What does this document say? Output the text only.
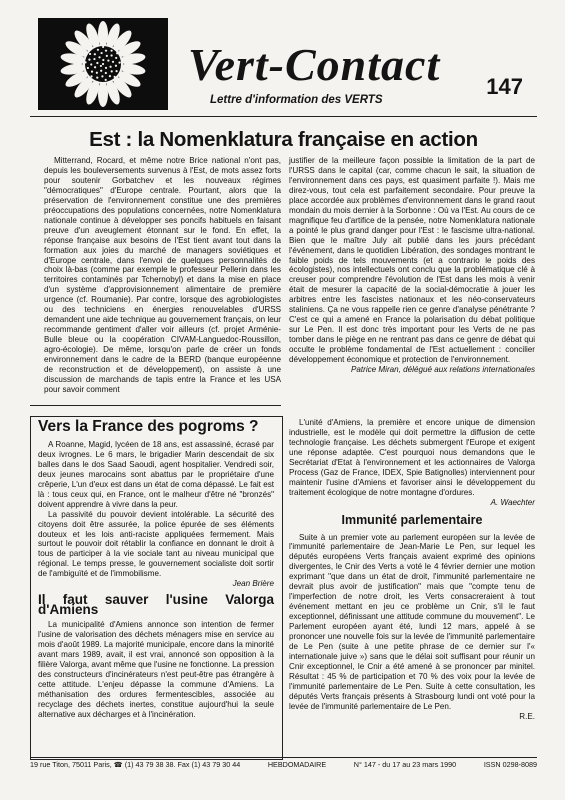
Vert-Contact 147
Lettre d'information des VERTS
Est : la Nomenklatura française en action

Mitterrand, Rocard, et même notre Brice national n'ont pas, depuis les bouleversements survenus à l'Est, de mots assez forts pour soutenir Gorbatchev et les nouveaux régimes "démocratiques" d'Europe centrale. Pourtant, alors que la préservation de l'environnement constitue une des premières préoccupations des populations concernées, notre Nomenklatura nationale continue à développer ses poncifs habituels en faisant preuve d'un aveuglement étonnant sur le fond. En effet, la réponse française aux besoins de l'Est tient avant tout dans la formation aux joies du marché de managers soviétiques et d'Europe centrale, dans l'envoi de quelques personnalités de choix là-bas (comme par exemple le professeur Pellerin dans les territoires contaminés par Tchernobyl) et dans la mise en place d'un système d'approvisionnement alimentaire de première urgence (cf. Roumanie). Par contre, lorsque des agrobiologistes ou des techniciens en énergies renouvelables d'URSS demandent une aide technique au gouvernement français, on leur recommande gentiment d'aller voir ailleurs (cf. projet Arménie-Bulle bleue ou la coopération CIVAM-Languedoc-Roussillon, agro-écologie). De même, lorsqu'on parle de créer un fonds environnement dans le cadre de la BERD (banque européenne de reconstruction et de développement), on assiste à une discussion de marchands de tapis entre la France et les USA pour savoir comment

justifier de la meilleure façon possible la limitation de la part de l'URSS dans le capital (car, comme chacun le sait, la situation de l'environnement dans ces pays, est quasiment parfaite !). Mais me direz-vous, tout cela est parfaitement secondaire. Pour preuve la place accordée aux problèmes d'environnement dans le grand raout mondain du mois dernier à la Sorbonne : Où va l'Est. Au cours de ce magnifique feu d'artifice de la pensée, notre Nomenklatura nationale a pointé le plus grand danger pour l'Est : le fascisme ultra-national. Bien que le maître July ait publié dans les jours précédant l'événement, dans le quotidien Libération, des sondages montrant le faible poids de tels mouvements (et a contrario le poids des écologistes), nos intellectuels ont conclu que la problématique clé à creuser pour comprendre l'évolution de l'Est dans les mois à venir était de mesurer la capacité de la social-démocratie à jouer les arbitres entre les fascistes nationaux et les néo-conservateurs staliniens. Ça ne vous rappelle rien ce genre d'analyse pénétrante ? C'est ce qui a amené en France la polarisation du débat politique sur Le Pen. Il est donc très important pour les Verts de ne pas tomber dans le piège en ne rentrant pas dans ce genre de débat qui occulte le problème fondamental de l'Est actuellement : concilier développement économique et protection de l'environnement.

Patrice Miran, délégué aux relations internationales
Vers la France des pogroms ?

A Roanne, Magid, lycéen de 18 ans, est assassiné, écrasé par deux ivrognes. Le 6 mars, le brigadier Marin descendait de six balles dans le dos Saad Saoudi, agent hospitalier. Vendredi soir, deux jeunes marocains sont abattus par le propriétaire d'une crêperie, L'un d'eux est dans un état de coma dépassé. Le fait est là : tous ceux qui, en France, ont le malheur d'être né "bronzés" doivent apprendre à vivre dans la peur.

La passivité du pouvoir devient intolérable. La sécurité des citoyens doit être assurée, la police épurée de ses éléments douteux et les lois anti-raciste appliquées fermement. Mais surtout le pouvoir doit rétablir la confiance en donnant le droit à tous de participer à la vie sociale tant au niveau municipal que régional. Le temps presse, le gouvernement socialiste doit sortir de l'ambiguïté et de l'immobilisme.

Jean Brière
Il faut sauver l'usine Valorga d'Amiens

La municipalité d'Amiens annonce son intention de fermer l'usine de valorisation des déchets ménagers mise en service au mois d'août 1989. La majorité municipale, encore dans la minorité avant mars 1989, avait, il est vrai, annoncé son opposition à la filière Valorga, avant même que l'usine ne fonctionne. La pression des constructeurs d'incinérateurs n'est peut-être pas étrangère à cette attitude. L'enjeu dépasse la commune d'Amiens. La méthanisation des ordures fermentescibles, associée au recyclage des déchets inertes, constitue aujourd'hui la seule alternative aux décharges et à l'incinération.

L'unité d'Amiens, la première et encore unique de dimension industrielle, est le modèle qui doit permettre la diffusion de cette technologie française. Les déchets submergent l'Europe et exigent une réponse adaptée. C'est pourquoi nous demandons que le Secrétariat d'Etat à l'environnement et les actionnaires de Valorga Process (Gaz de France, IDEX, Spie Batignolles) interviennent pour maintenir l'usine d'Amiens et favoriser ainsi le développement du traitement écologique de notre montagne d'ordures.

A. Waechter
Immunité parlementaire

Suite à un premier vote au parlement européen sur la levée de l'immunité parlementaire de Jean-Marie Le Pen, sur lequel les députés européens Verts français avaient exprimé des opinions divergentes, le Cnir des Verts a voté le 4 février dernier une motion exprimant "que dans un état de droit, l'immunité parlementaire ne devrait plus avoir de justification" mais que "compte tenu de l'imperfection de notre droit, les Verts consacreraient à tout événement mettant en jeu ce problème un Cnir, s'il le faut exceptionnel, définissant une attitude commune du mouvement". Le Parlement européen ayant été, lundi 12 mars, appelé à se prononcer une nouvelle fois sur la levée de l'immunité parlementaire de Le Pen (suite à une petite phrase de ce dernier sur l'« internationale juive ») sans que le délai soit suffisant pour réunir un Cnir exceptionnel, le Cnir a été amené à se prononcer par minitel. Résultat : 45 % de participation et 70 % des voix pour la levée de l'immunité parlementaire de Le Pen. Suite à cette consultation, les députés Verts français présents à Strasbourg lundi ont voté pour la levée de l'immunité parlementaire de Le Pen.

R.E.
19 rue Titon, 75011 Paris, ☎ (1) 43 79 38 38. Fax (1) 43 79 30 44	HEBDOMADAIRE	N° 147 - du 17 au 23 mars 1990	ISSN 0298-8089
